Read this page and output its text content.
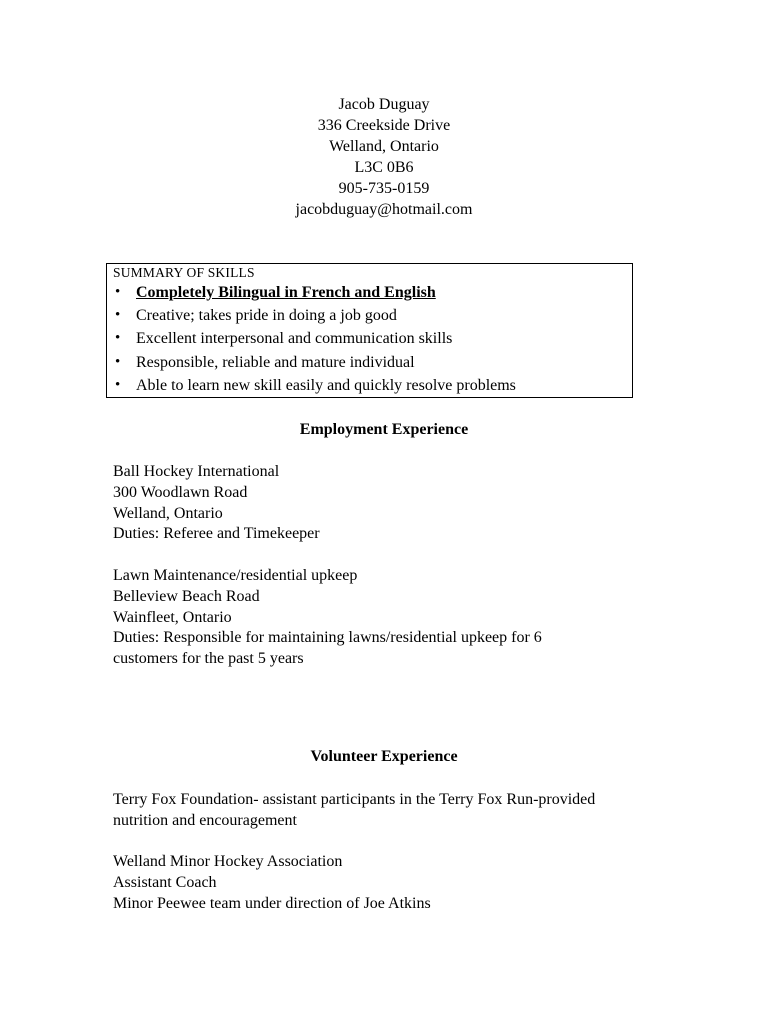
Jacob Duguay
336 Creekside Drive
Welland, Ontario
L3C 0B6
905-735-0159
jacobduguay@hotmail.com
SUMMARY OF SKILLS
• Completely Bilingual in French and English
• Creative; takes pride in doing a job good
• Excellent interpersonal and communication skills
• Responsible, reliable and mature individual
• Able to learn new skill easily and quickly resolve problems
Employment Experience
Ball Hockey International
300 Woodlawn Road
Welland, Ontario
Duties: Referee and Timekeeper
Lawn Maintenance/residential upkeep
Belleview Beach Road
Wainfleet, Ontario
Duties: Responsible for maintaining lawns/residential upkeep for 6
customers for the past 5 years
Volunteer Experience
Terry Fox Foundation- assistant participants in the Terry Fox Run-provided
nutrition and encouragement
Welland Minor Hockey Association
Assistant Coach
Minor Peewee team under direction of Joe Atkins
